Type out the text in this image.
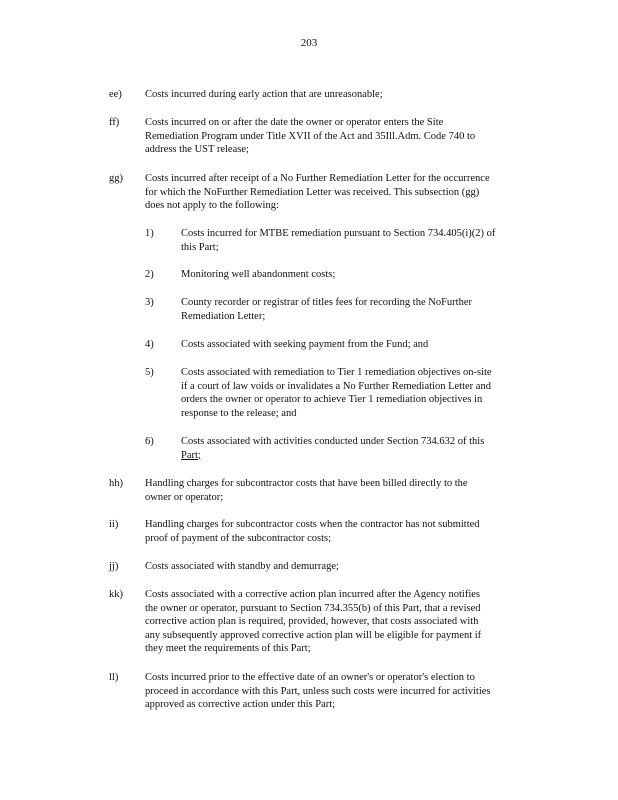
203
ee) Costs incurred during early action that are unreasonable;
ff) Costs incurred on or after the date the owner or operator enters the Site
Remediation Program under Title XVII of the Act and 35Ill.Adm. Code 740 to
address the UST release;
gg) Costs incurred after receipt of a No Further Remediation Letter for the occurrence
for which the NoFurther Remediation Letter was received. This subsection (gg)
does not apply to the following:
1)	Costs incurred for MTBE remediation pursuant to Section 734.405(i)(2) of
this Part;
2)	Monitoring well abandonment costs;
3)	County recorder or registrar of titles fees for recording the NoFurther
Remediation Letter;
4)	Costs associated with seeking payment from the Fund; and
5)	Costs associated with remediation to Tier 1 remediation objectives on-site
if a court of law voids or invalidates a No Further Remediation Letter and
orders the owner or operator to achieve Tier 1 remediation objectives in
response to the release; and
6)	Costs associated with activities conducted under Section 734.632 of this
Part;
hh) Handling charges for subcontractor costs that have been billed directly to the
owner or operator;
ii)	Handling charges for subcontractor costs when the contractor has not submitted
proof of payment of the subcontractor costs;
jj)	Costs associated with standby and demurrage;
kk) Costs associated with a corrective action plan incurred after the Agency notifies
the owner or operator, pursuant to Section 734.355(b) of this Part, that a revised
corrective action plan is required, provided, however, that costs associated with
any subsequently approved corrective action plan will be eligible for payment if
they meet the requirements of this Part;
ll)	Costs incurred prior to the effective date of an owner's or operator's election to
proceed in accordance with this Part, unless such costs were incurred for activities
approved as corrective action under this Part;
